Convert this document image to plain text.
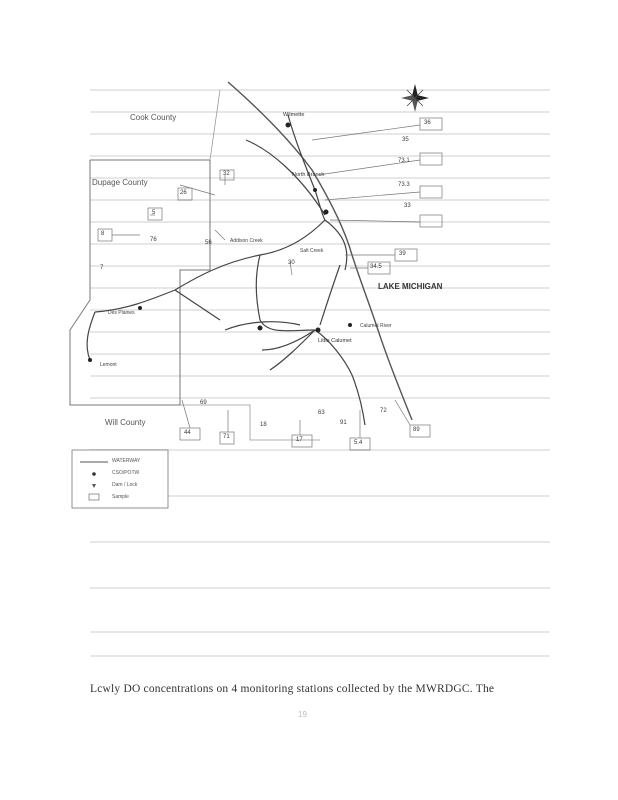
Cook County
Dupage County
Will County
LAKE MICHIGAN
Wilmette
North Branch
Addison Creek
Lemont
Little Calumet
Calumet River
Salt Creek
Des Plaines
36
35
73.1
73.3
33
39
34.5
26
5
8
76
32
56
30
7
69
44
71
18
17
63
5.4
72
89
91
WATERWAY
CSO/POTW
Dam / Lock
Sample
Lcwly DO concentrations on 4 monitoring stations collected by the MWRDGC. The
19
